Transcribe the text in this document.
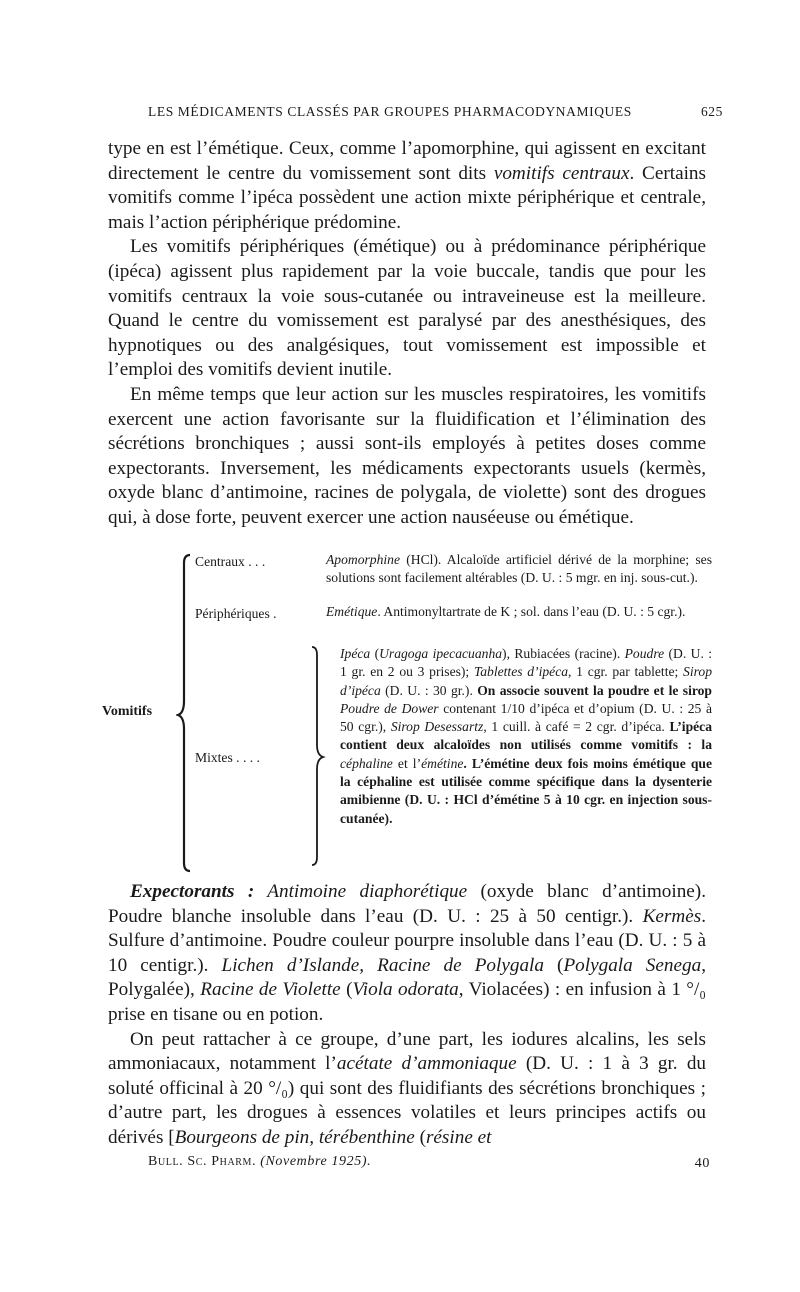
LES MÉDICAMENTS CLASSÉS PAR GROUPES PHARMACODYNAMIQUES	625

type en est l’émétique. Ceux, comme l’apomorphine, qui agissent en excitant directement le centre du vomissement sont dits vomitifs centraux. Certains vomitifs comme l’ipéca possèdent une action mixte périphérique et centrale, mais l’action périphérique prédomine.

Les vomitifs périphériques (émétique) ou à prédominance périphérique (ipéca) agissent plus rapidement par la voie buccale, tandis que pour les vomitifs centraux la voie sous-cutanée ou intraveineuse est la meilleure. Quand le centre du vomissement est paralysé par des anesthésiques, des hypnotiques ou des analgésiques, tout vomissement est impossible et l’emploi des vomitifs devient inutile.

En même temps que leur action sur les muscles respiratoires, les vomitifs exercent une action favorisante sur la fluidification et l’élimination des sécrétions bronchiques ; aussi sont-ils employés à petites doses comme expectorants. Inversement, les médicaments expectorants usuels (kermès, oxyde blanc d’antimoine, racines de polygala, de violette) sont des drogues qui, à dose forte, peuvent exercer une action nauséeuse ou émétique.

Vomitifs
Centraux . . .
Périphériques .
Mixtes . . . .

Apomorphine (HCl). Alcaloïde artificiel dérivé de la morphine; ses solutions sont facilement altérables (D. U. : 5 mgr. en inj. sous-cut.).

Emétique. Antimonyltartrate de K ; sol. dans l’eau (D. U. : 5 cgr.).

Ipéca (Uragoga ipecacuanha), Rubiacées (racine). Poudre (D. U. : 1 gr. en 2 ou 3 prises); Tablettes d’ipéca, 1 cgr. par tablette; Sirop d’ipéca (D. U. : 30 gr.). On associe souvent la poudre et le sirop Poudre de Dower contenant 1/10 d’ipéca et d’opium (D. U. : 25 à 50 cgr.), Sirop Desessartz, 1 cuill. à café = 2 cgr. d’ipéca. L’ipéca contient deux alcaloïdes non utilisés comme vomitifs : la céphaline et l’émétine. L’émétine deux fois moins émétique que la céphaline est utilisée comme spécifique dans la dysenterie amibienne (D. U. : HCl d’émétine 5 à 10 cgr. en injection sous-cutanée).

Expectorants : Antimoine diaphorétique (oxyde blanc d’antimoine). Poudre blanche insoluble dans l’eau (D. U. : 25 à 50 centigr.). Kermès. Sulfure d’antimoine. Poudre couleur pourpre insoluble dans l’eau (D. U. : 5 à 10 centigr.). Lichen d’Islande, Racine de Polygala (Polygala Senega, Polygalée), Racine de Violette (Viola odorata, Violacées) : en infusion à 1 °/₀ prise en tisane ou en potion.

On peut rattacher à ce groupe, d’une part, les iodures alcalins, les sels ammoniacaux, notamment l’acétate d’ammoniaque (D. U. : 1 à 3 gr. du soluté officinal à 20 °/₀) qui sont des fluidifiants des sécrétions bronchiques ; d’autre part, les drogues à essences volatiles et leurs principes actifs ou dérivés [Bourgeons de pin, térébenthine (résine et

Bull. Sc. Pharm. (Novembre 1925).	40
